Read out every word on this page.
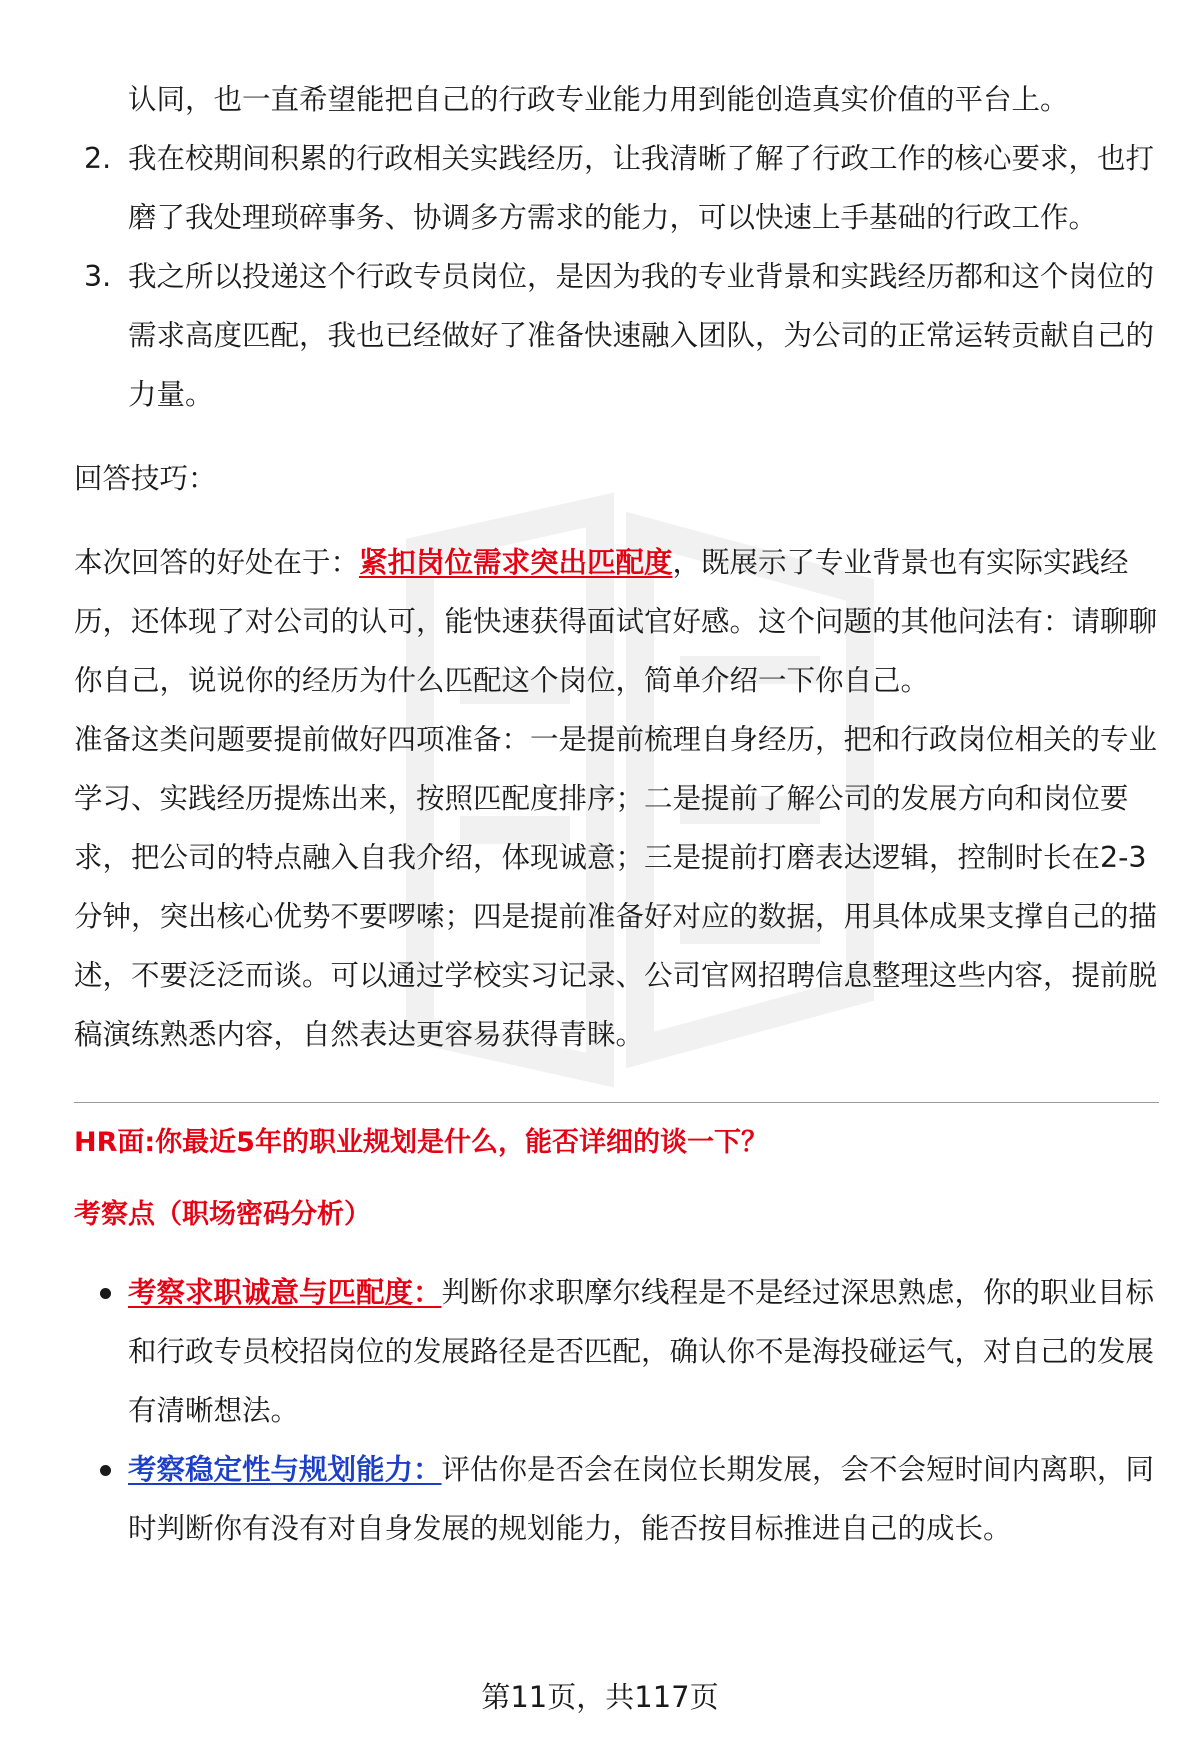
认同，也一直希望能把自己的行政专业能力用到能创造真实价值的平台上。
2. 我在校期间积累的行政相关实践经历，让我清晰了解了行政工作的核心要求，也打磨了我处理琐碎事务、协调多方需求的能力，可以快速上手基础的行政工作。
3. 我之所以投递这个行政专员岗位，是因为我的专业背景和实践经历都和这个岗位的需求高度匹配，我也已经做好了准备快速融入团队，为公司的正常运转贡献自己的力量。

回答技巧：

本次回答的好处在于：紧扣岗位需求突出匹配度，既展示了专业背景也有实际实践经历，还体现了对公司的认可，能快速获得面试官好感。这个问题的其他问法有：请聊聊你自己，说说你的经历为什么匹配这个岗位，简单介绍一下你自己。

准备这类问题要提前做好四项准备：一是提前梳理自身经历，把和行政岗位相关的专业学习、实践经历提炼出来，按照匹配度排序；二是提前了解公司的发展方向和岗位要求，把公司的特点融入自我介绍，体现诚意；三是提前打磨表达逻辑，控制时长在2-3分钟，突出核心优势不要啰嗦；四是提前准备好对应的数据，用具体成果支撑自己的描述，不要泛泛而谈。可以通过学校实习记录、公司官网招聘信息整理这些内容，提前脱稿演练熟悉内容，自然表达更容易获得青睐。

HR面:你最近5年的职业规划是什么，能否详细的谈一下？
考察点（职场密码分析）
考察求职诚意与匹配度：判断你求职摩尔线程是不是经过深思熟虑，你的职业目标和行政专员校招岗位的发展路径是否匹配，确认你不是海投碰运气，对自己的发展有清晰想法。
考察稳定性与规划能力：评估你是否会在岗位长期发展，会不会短时间内离职，同时判断你有没有对自身发展的规划能力，能否按目标推进自己的成长。
第11页，共117页
